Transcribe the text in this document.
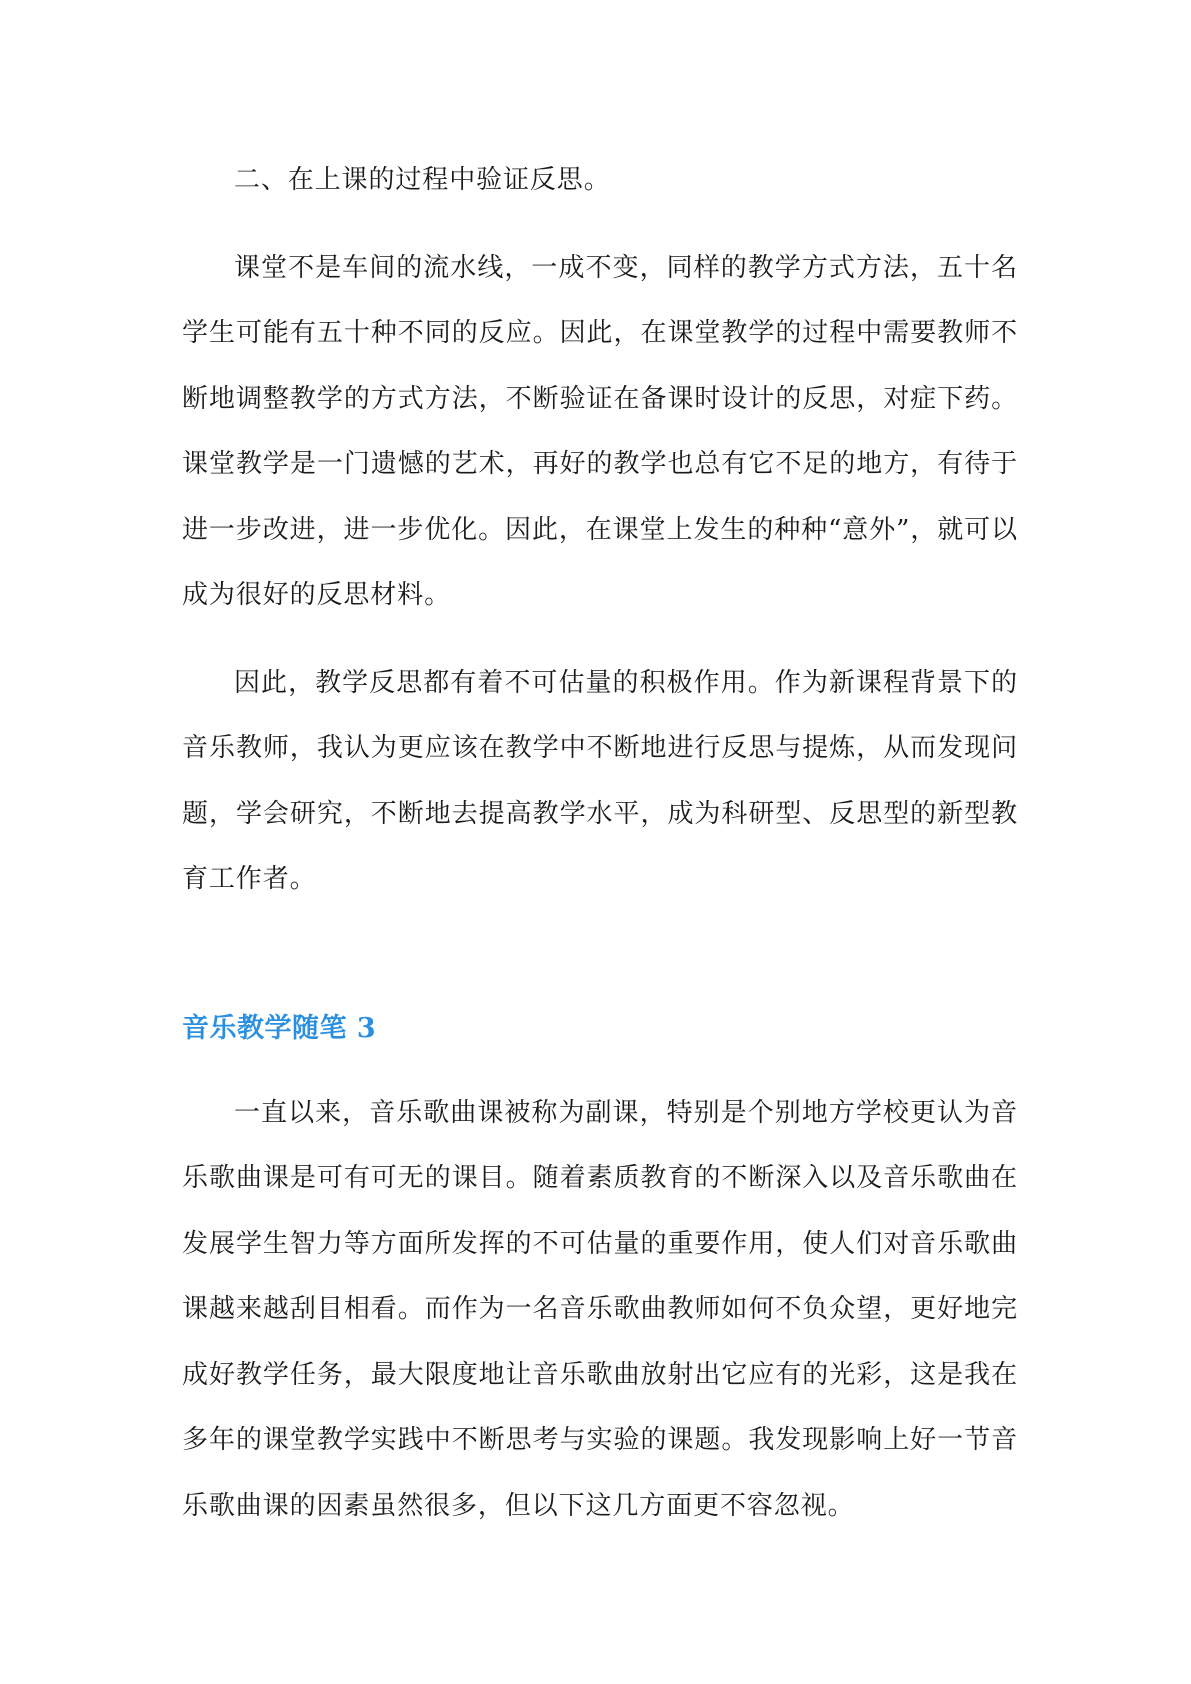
二、在上课的过程中验证反思。

课堂不是车间的流水线，一成不变，同样的教学方式方法，五十名学生可能有五十种不同的反应。因此，在课堂教学的过程中需要教师不断地调整教学的方式方法，不断验证在备课时设计的反思，对症下药。课堂教学是一门遗憾的艺术，再好的教学也总有它不足的地方，有待于进一步改进，进一步优化。因此，在课堂上发生的种种“意外”，就可以成为很好的反思材料。

因此，教学反思都有着不可估量的积极作用。作为新课程背景下的音乐教师，我认为更应该在教学中不断地进行反思与提炼，从而发现问题，学会研究，不断地去提高教学水平，成为科研型、反思型的新型教育工作者。

音乐教学随笔 3

一直以来，音乐歌曲课被称为副课，特别是个别地方学校更认为音乐歌曲课是可有可无的课目。随着素质教育的不断深入以及音乐歌曲在发展学生智力等方面所发挥的不可估量的重要作用，使人们对音乐歌曲课越来越刮目相看。而作为一名音乐歌曲教师如何不负众望，更好地完成好教学任务，最大限度地让音乐歌曲放射出它应有的光彩，这是我在多年的课堂教学实践中不断思考与实验的课题。我发现影响上好一节音乐歌曲课的因素虽然很多，但以下这几方面更不容忽视。
